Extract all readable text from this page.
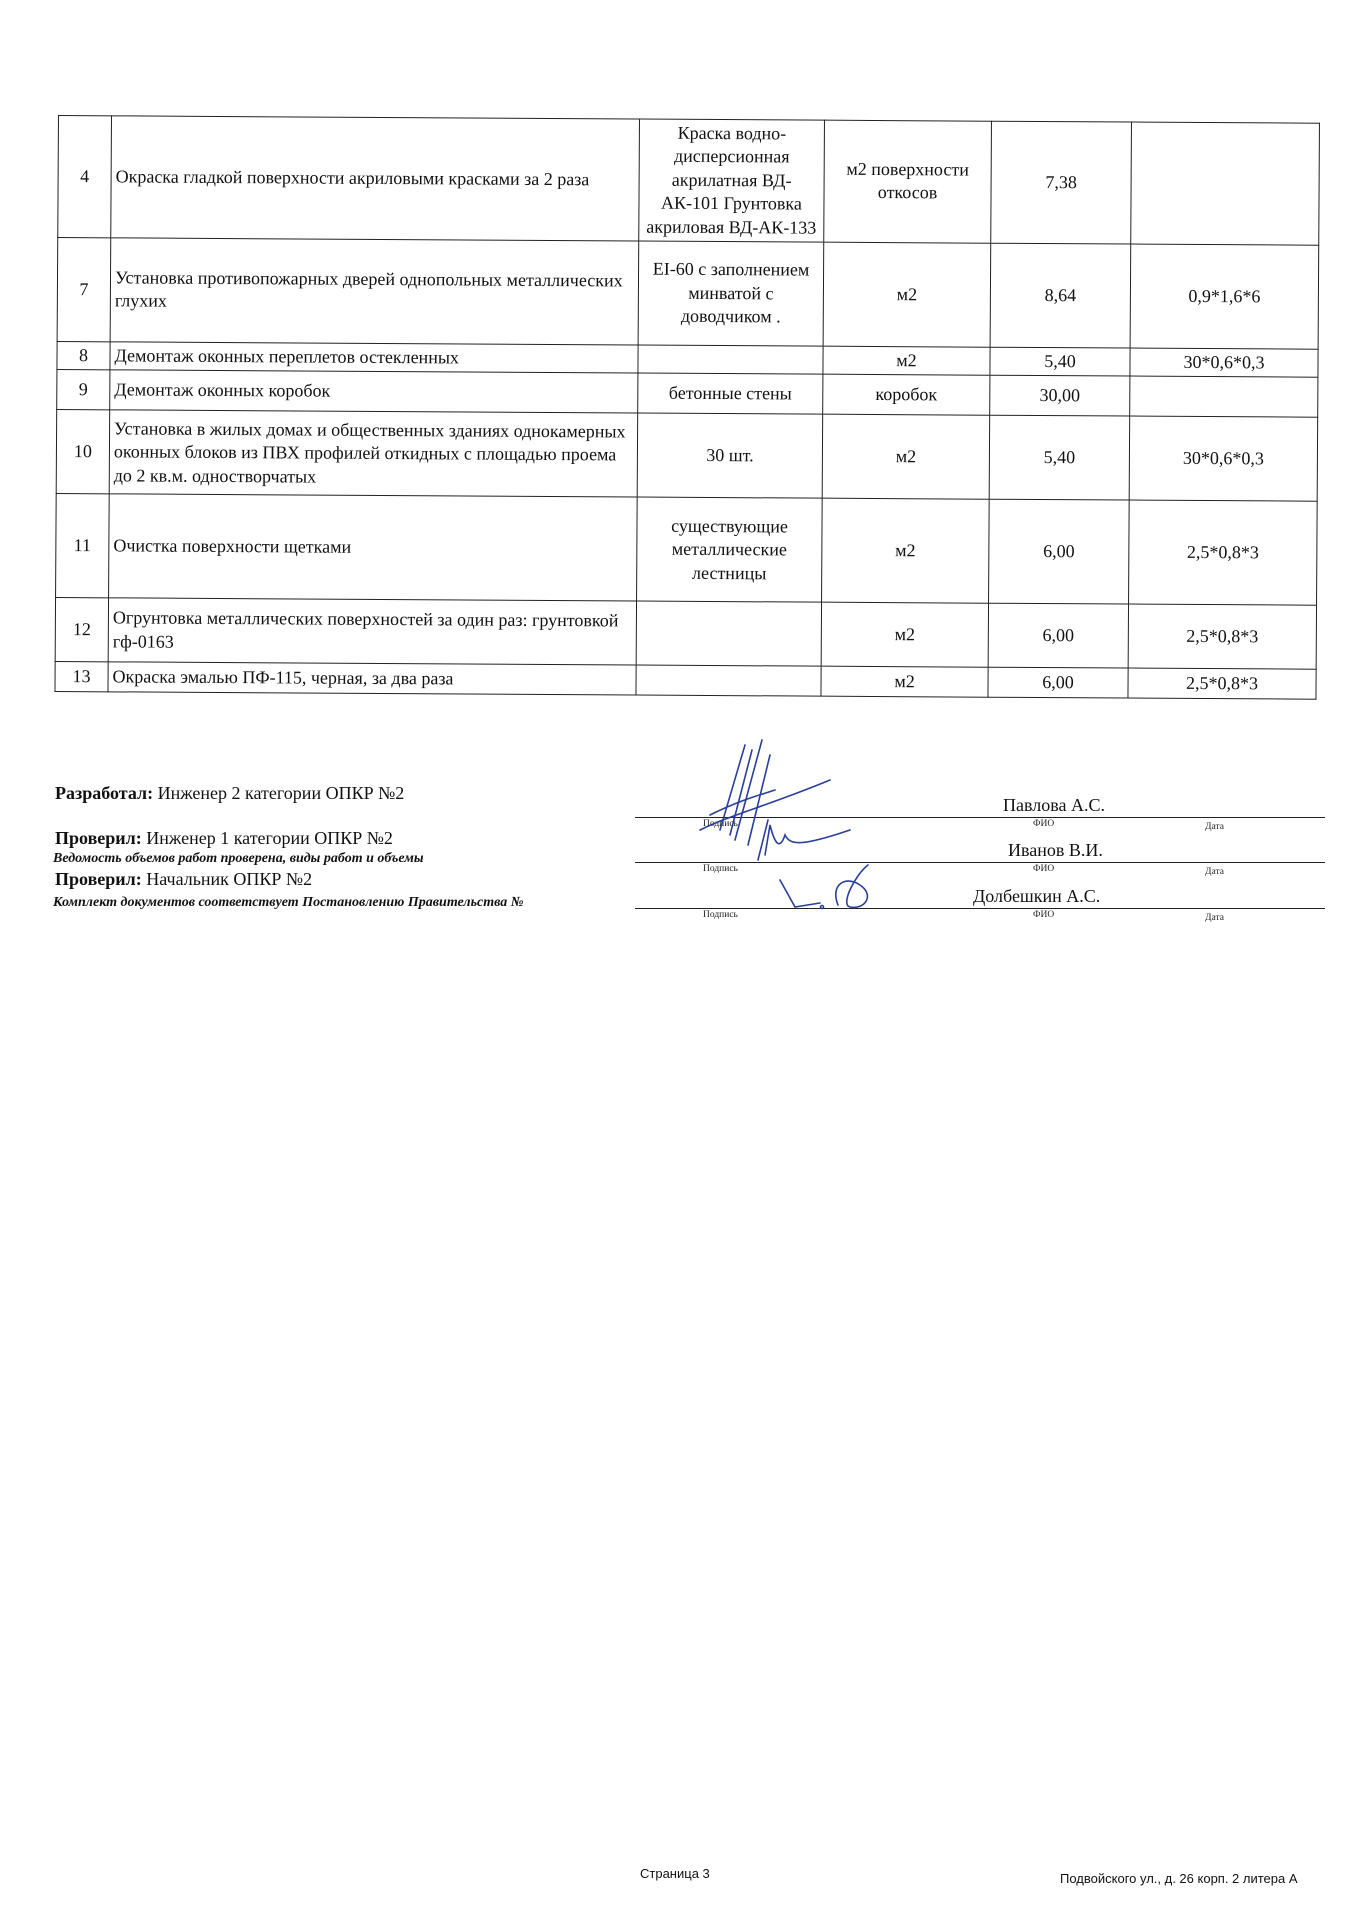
4	Окраска гладкой поверхности акриловыми красками за 2 раза	Краска водно-дисперсионная акрилатная ВД-АК-101 Грунтовка акриловая ВД-АК-133	м2 поверхности откосов	7,38	
7	Установка противопожарных дверей однопольных металлических глухих	EI-60 с заполнением минватой с доводчиком .	м2	8,64	0,9*1,6*6
8	Демонтаж оконных переплетов остекленных		м2	5,40	30*0,6*0,3
9	Демонтаж оконных коробок	бетонные стены	коробок	30,00	
10	Установка в жилых домах и общественных зданиях однокамерных оконных блоков из ПВХ профилей откидных с площадью проема до 2 кв.м. одностворчатых	30 шт.	м2	5,40	30*0,6*0,3
11	Очистка поверхности щетками	существующие металлические лестницы	м2	6,00	2,5*0,8*3
12	Огрунтовка металлических поверхностей за один раз: грунтовкой гф-0163		м2	6,00	2,5*0,8*3
13	Окраска эмалью ПФ-115, черная, за два раза		м2	6,00	2,5*0,8*3
Разработал: Инженер 2 категории ОПКР №2
Проверил: Инженер 1 категории ОПКР №2
Ведомость объемов работ проверена, виды работ и объемы
Проверил: Начальник ОПКР №2
Комплект документов соответствует Постановлению Правительства №
Павлова А.С.
Подпись	ФИО	Дата
Иванов В.И.
Подпись	ФИО	Дата
Долбешкин А.С.
Подпись	ФИО	Дата
Страница 3	Подвойского ул., д. 26 корп. 2 литера А
